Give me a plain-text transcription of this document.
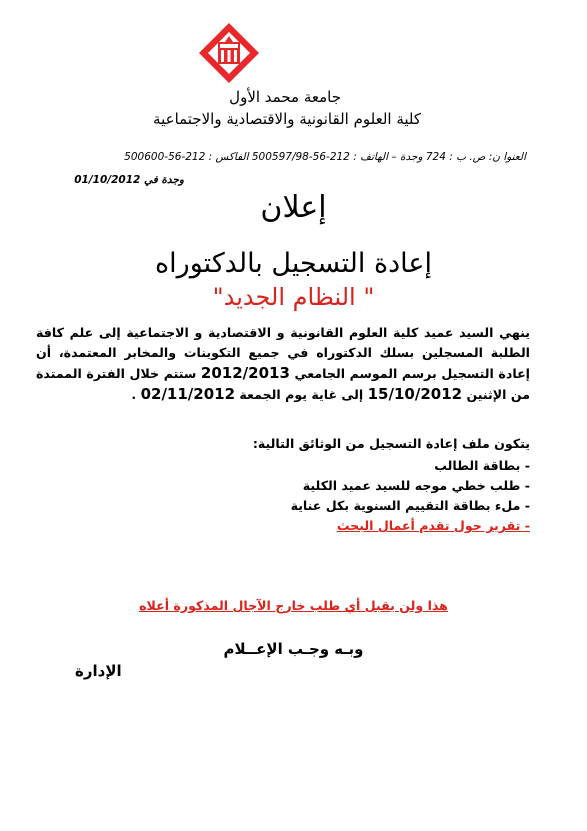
جامعة محمد الأول
كلية العلوم القانونية والاقتصادية والاجتماعية
العنوا ن: ص. ب : 724 وجدة – الهاتف : 212-56-500597/98 الفاكس : 212-56-500600
وجدة في 01/10/2012
إعلان
إعادة التسجيل بالدكتوراه
" النظام الجديد"
ينهي السيد عميد كلية العلوم القانونية و الاقتصادية و الاجتماعية إلى علم كافة الطلبة المسجلين بسلك الدكتوراه في جميع التكوينات والمخابر المعتمدة، أن إعادة التسجيل برسم الموسم الجامعي 2012/2013 ستتم خلال الفترة الممتدة من الإثنين 15/10/2012 إلى غاية يوم الجمعة 02/11/2012 .
يتكون ملف إعادة التسجيل من الوثائق التالية:
- بطاقة الطالب
- طلب خطي موجه للسيد عميد الكلية
- ملء بطاقة التقييم السنوية بكل عناية
- تقرير حول تقدم أعمال البحث
هذا ولن يقبل أي طلب خارج الآجال المذكورة أعلاه
وبـه وجـب الإعــلام
الإدارة
